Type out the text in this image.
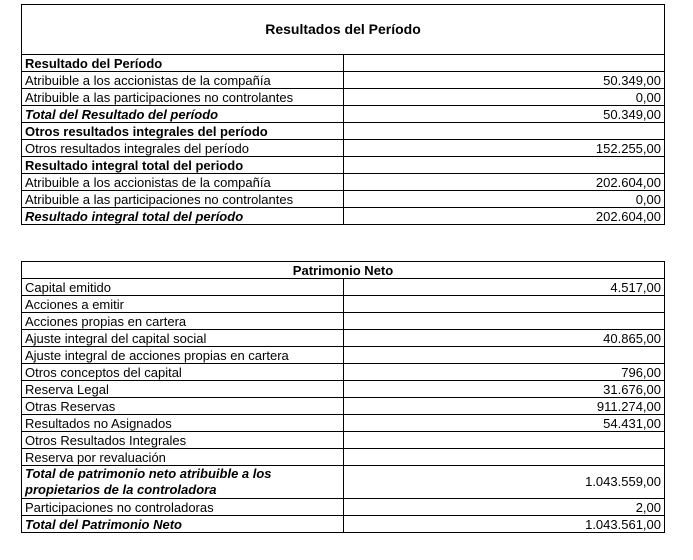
Resultados del Período	
Resultado del Período	
Atribuible a los accionistas de la compañía	50.349,00
Atribuible a las participaciones no controlantes	0,00
Total del Resultado del período	50.349,00
Otros resultados integrales del período	
Otros resultados integrales del período	152.255,00
Resultado integral total del periodo	
Atribuible a los accionistas de la compañía	202.604,00
Atribuible a las participaciones no controlantes	0,00
Resultado integral total del período	202.604,00
Patrimonio Neto	
Capital emitido	4.517,00
Acciones a emitir	
Acciones propias en cartera	
Ajuste integral del capital social	40.865,00
Ajuste integral de acciones propias en cartera	
Otros conceptos del capital	796,00
Reserva Legal	31.676,00
Otras Reservas	911.274,00
Resultados no Asignados	54.431,00
Otros Resultados Integrales	
Reserva por revaluación	
Total de patrimonio neto atribuible a los propietarios de la controladora	1.043.559,00
Participaciones no controladoras	2,00
Total del Patrimonio Neto	1.043.561,00
